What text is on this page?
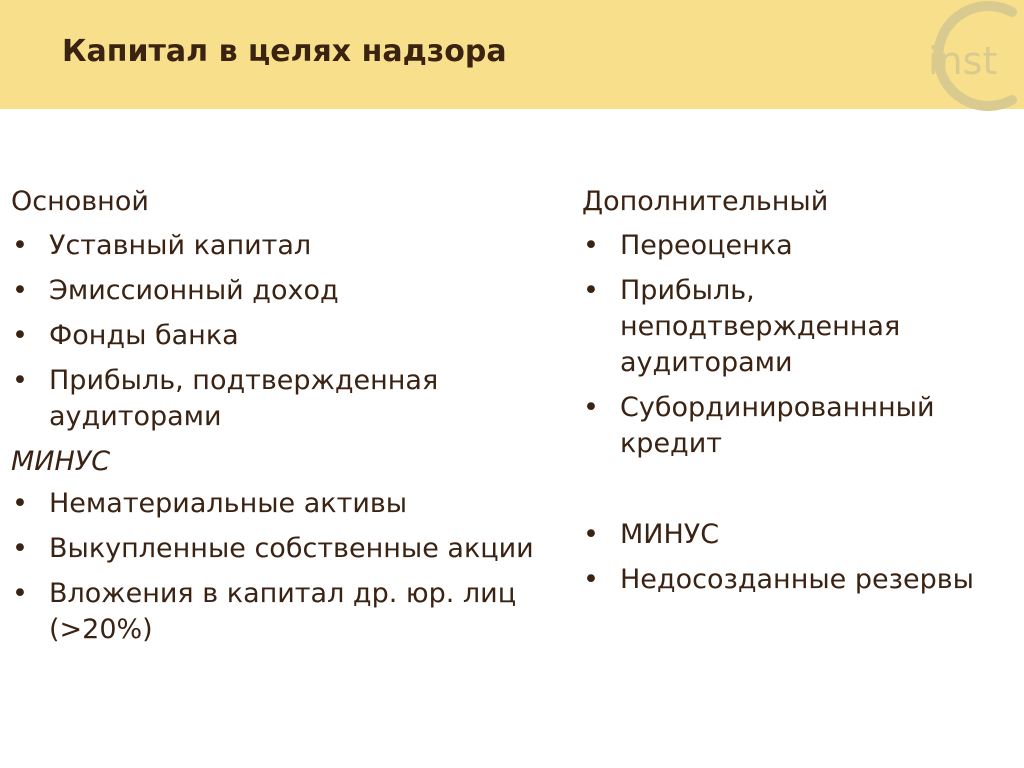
Капитал в целях надзора	inst
Основной
• Уставный капитал
• Эмиссионный доход
• Фонды банка
• Прибыль, подтвержденная аудиторами
МИНУС
• Нематериальные активы
• Выкупленные собственные акции
• Вложения в капитал др. юр. лиц (>20%)
Дополнительный
• Переоценка
• Прибыль, неподтвержденная аудиторами
• Субординированнный кредит
• МИНУС
• Недосозданные резервы
